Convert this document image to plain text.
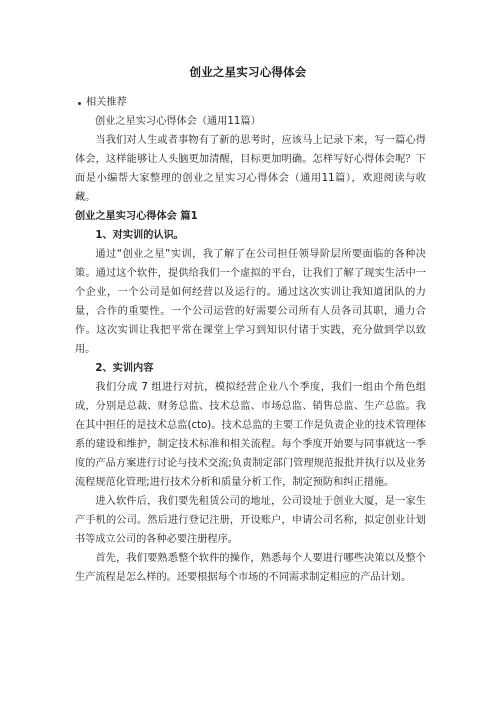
创业之星实习心得体会
相关推荐

创业之星实习心得体会（通用11篇）

当我们对人生或者事物有了新的思考时，应该马上记录下来，写一篇心得体会，这样能够让人头脑更加清醒，目标更加明确。怎样写好心得体会呢？下面是小编帮大家整理的创业之星实习心得体会（通用11篇），欢迎阅读与收藏。

创业之星实习心得体会 篇1

1、对实训的认识。

通过“创业之星”实训，我了解了在公司担任领导阶层所要面临的各种决策。通过这个软件，提供给我们一个虚拟的平台，让我们了解了现实生活中一个企业，一个公司是如何经营以及运行的。通过这次实训让我知道团队的力量，合作的重要性。一个公司运营的好需要公司所有人员各司其职，通力合作。这次实训让我把平常在课堂上学习到知识付诸于实践，充分做到学以致用。

2、实训内容

我们分成 7 组进行对抗，模拟经营企业八个季度，我们一组由个角色组成，分别是总裁、财务总监、技术总监、市场总监、销售总监、生产总监。我在其中担任的是技术总监(cto)。技术总监的主要工作是负责企业的技术管理体系的建设和维护，制定技术标准和相关流程。每个季度开始要与同事就这一季度的产品方案进行讨论与技术交流;负责制定部门管理规范报批并执行以及业务流程规范化管理;进行技术分析和质量分析工作，制定预防和纠正措施。

进入软件后，我们要先租赁公司的地址，公司设址于创业大厦，是一家生产手机的公司。然后进行登记注册，开设账户，申请公司名称，拟定创业计划书等成立公司的各种必要注册程序。

首先，我们要熟悉整个软件的操作，熟悉每个人要进行哪些决策以及整个生产流程是怎么样的。还要根据每个市场的不同需求制定相应的产品计划。
